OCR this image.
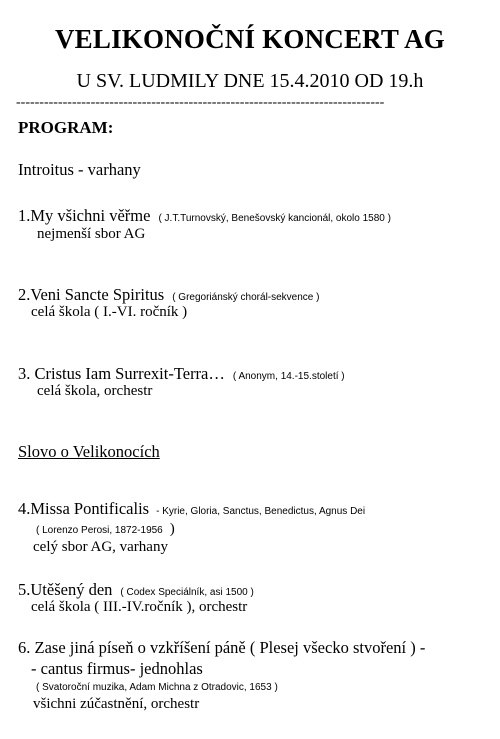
VELIKONOČNÍ KONCERT AG
U SV. LUDMILY DNE 15.4.2010 OD 19.h
-------------------------------------------------------------------------------
PROGRAM:
Introitus - varhany
1.My všichni věřme ( J.T.Turnovský, Benešovský kancionál, okolo 1580 )
nejmenší sbor AG
2.Veni Sancte Spiritus ( Gregoriánský chorál-sekvence )
celá škola ( I.-VI. ročník )
3. Cristus Iam Surrexit-Terra… ( Anonym, 14.-15.století )
celá škola, orchestr
Slovo o Velikonocích
4.Missa Pontificalis - Kyrie, Gloria, Sanctus, Benedictus, Agnus Dei
( Lorenzo Perosi, 1872-1956 )
celý sbor AG, varhany
5.Utěšený den ( Codex Speciálník, asi 1500 )
celá škola ( III.-IV.ročník ), orchestr
6. Zase jiná píseň o vzkříšení páně ( Plesej všecko stvoření ) -
- cantus firmus- jednohlas
( Svatoroční muzika, Adam Michna z Otradovic, 1653 )
všichni zúčastnění, orchestr
